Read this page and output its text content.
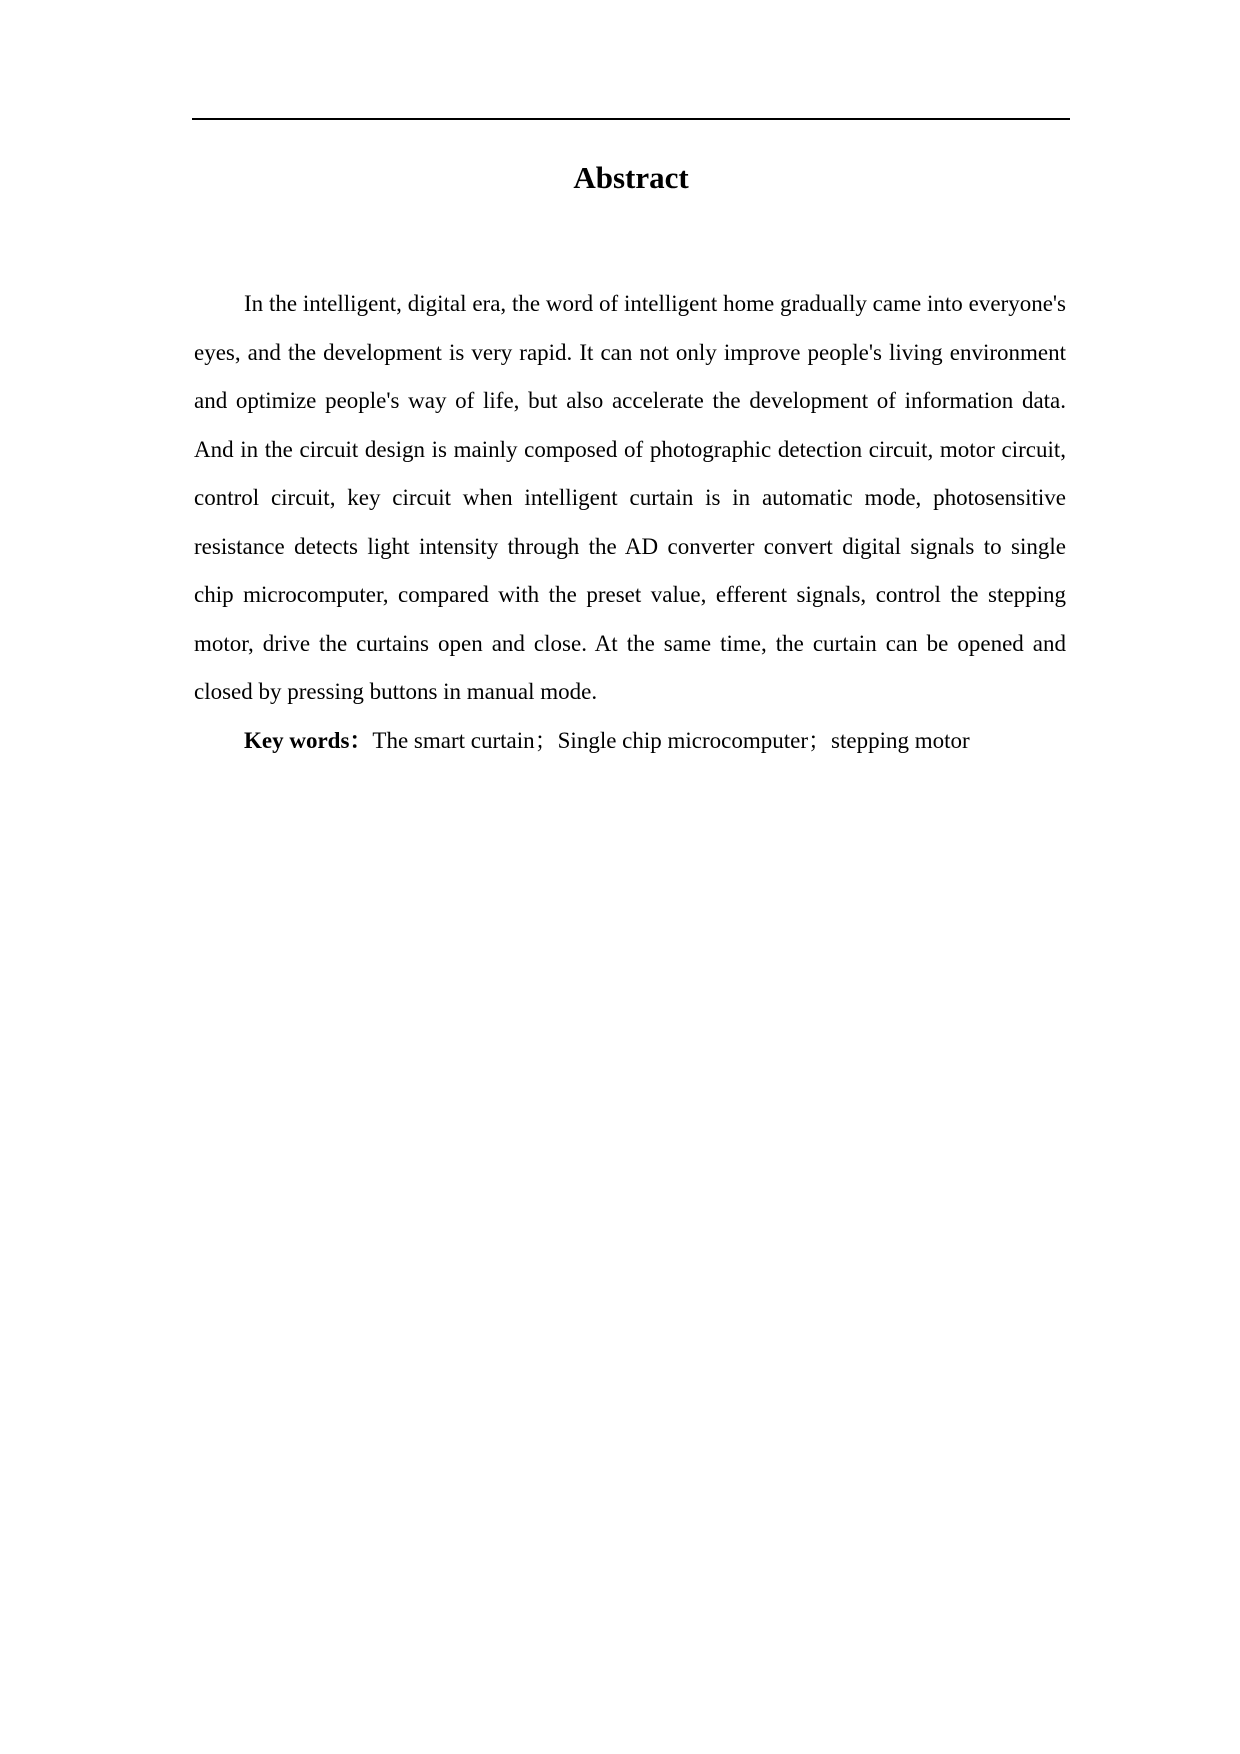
Abstract

In the intelligent, digital era, the word of intelligent home gradually came into everyone's eyes, and the development is very rapid. It can not only improve people's living environment and optimize people's way of life, but also accelerate the development of information data. And in the circuit design is mainly composed of photographic detection circuit, motor circuit, control circuit, key circuit when intelligent curtain is in automatic mode, photosensitive resistance detects light intensity through the AD converter convert digital signals to single chip microcomputer, compared with the preset value, efferent signals, control the stepping motor, drive the curtains open and close. At the same time, the curtain can be opened and closed by pressing buttons in manual mode.

Key words：The smart curtain；Single chip microcomputer；stepping motor
